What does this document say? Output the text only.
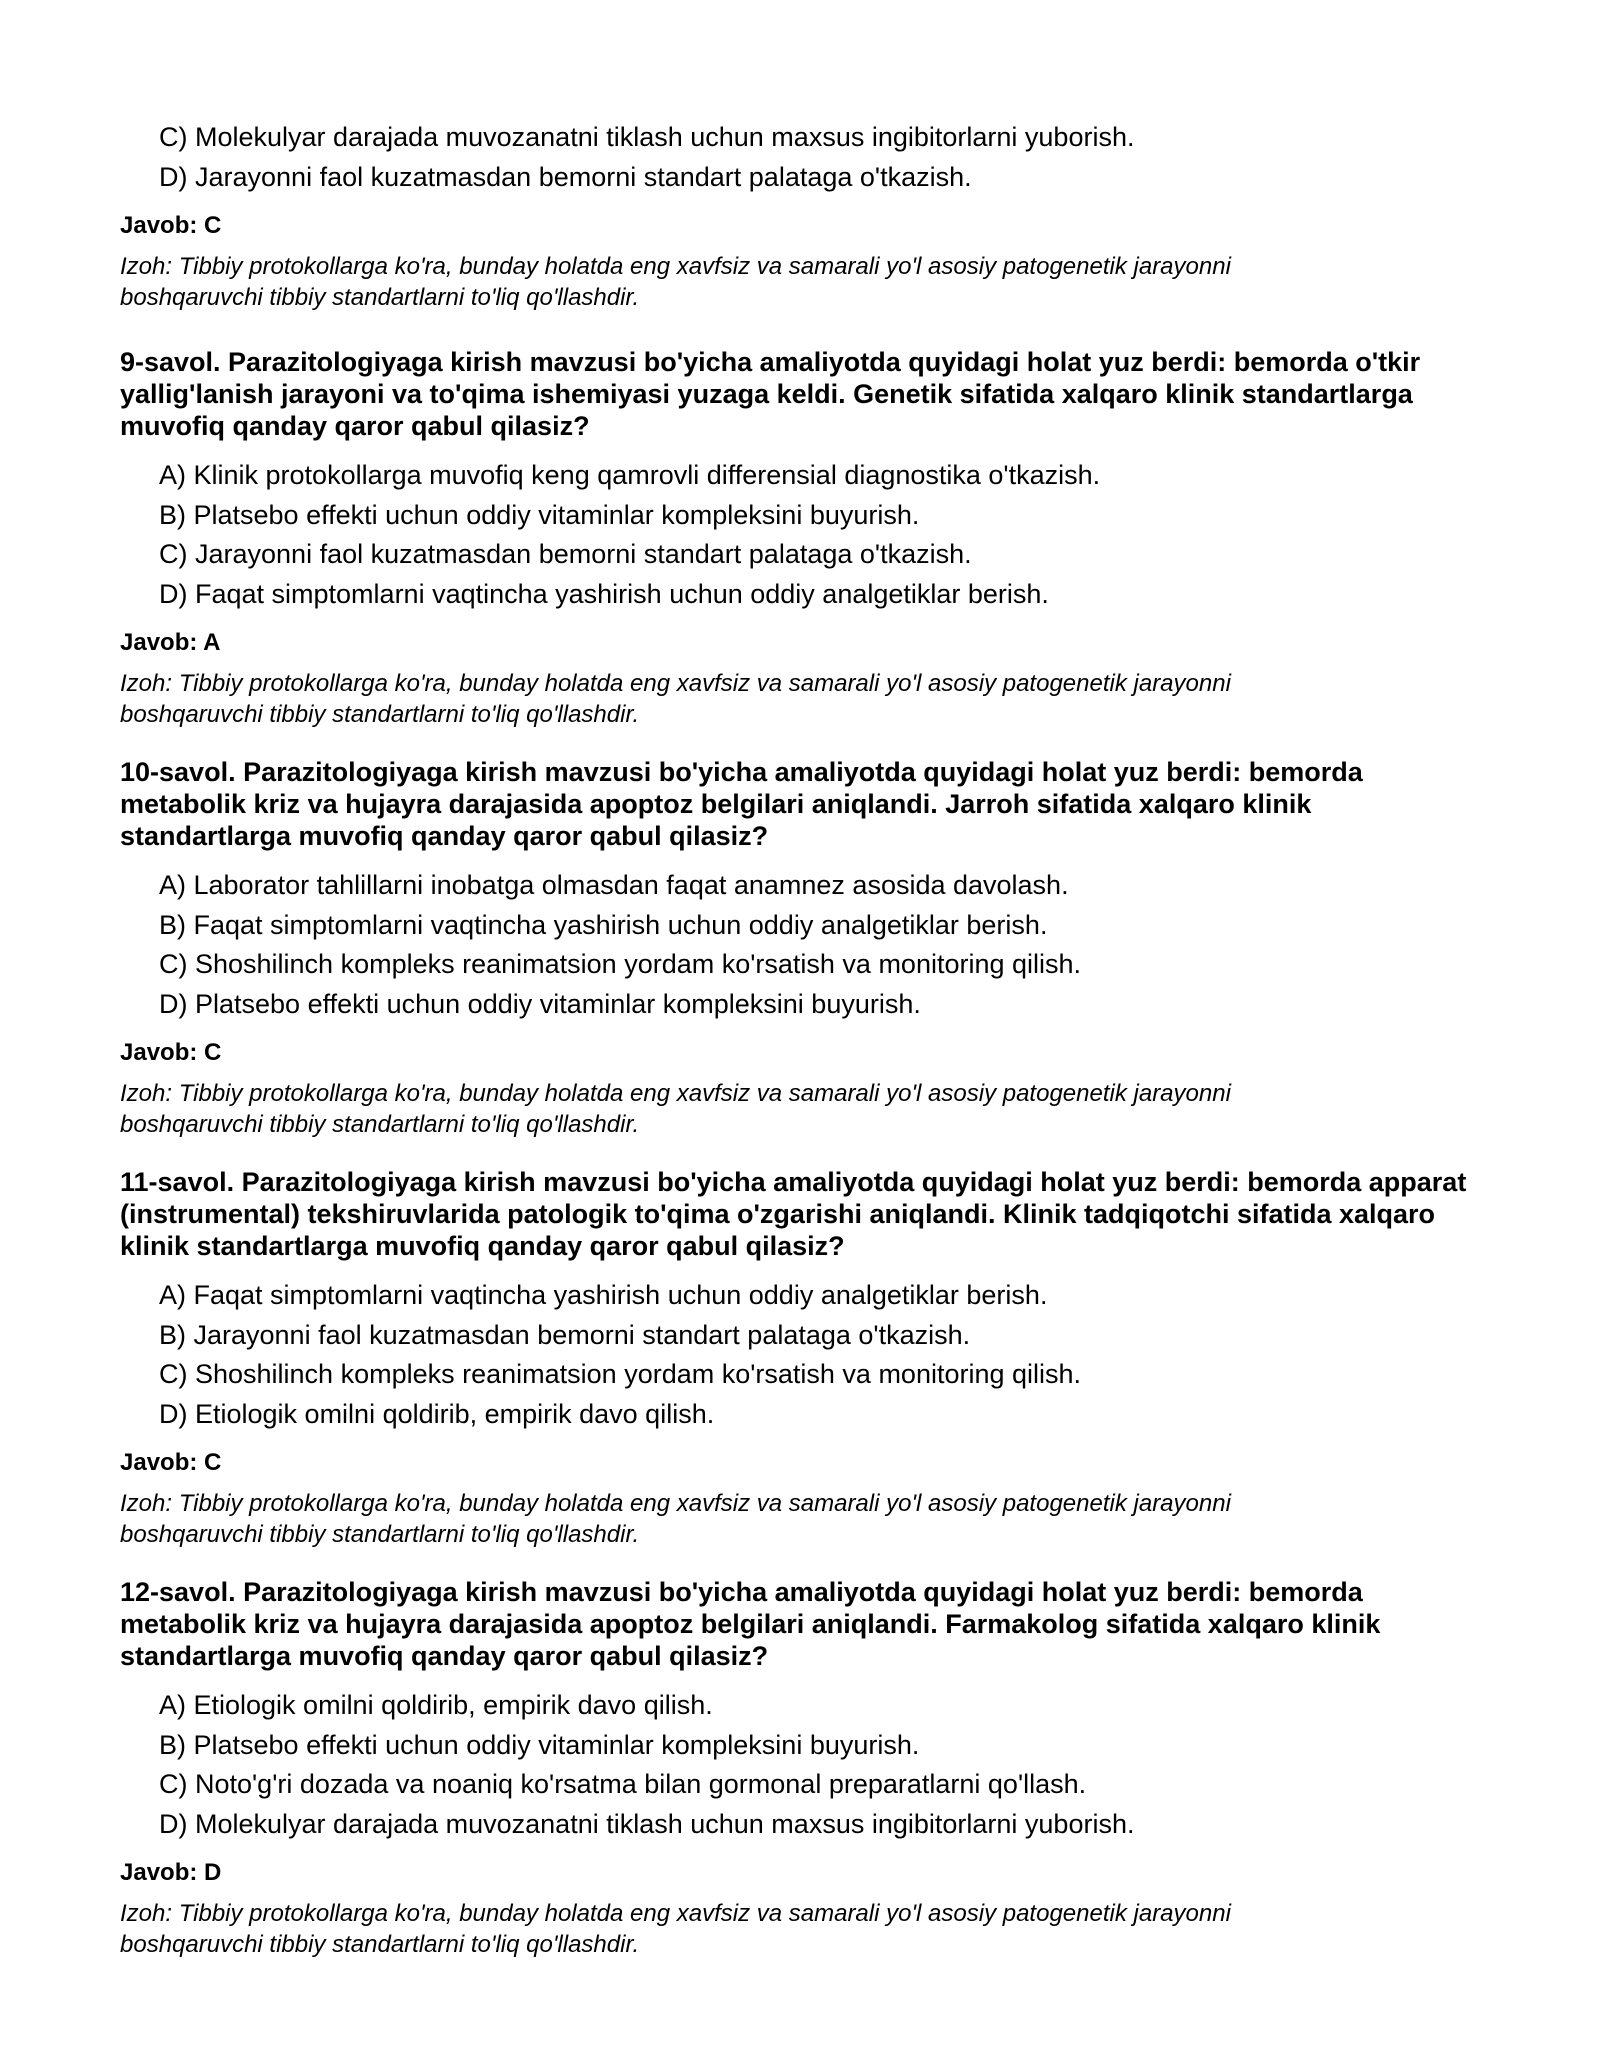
C) Molekulyar darajada muvozanatni tiklash uchun maxsus ingibitorlarni yuborish.
D) Jarayonni faol kuzatmasdan bemorni standart palataga o'tkazish.
Javob: C
Izoh: Tibbiy protokollarga ko'ra, bunday holatda eng xavfsiz va samarali yo'l asosiy patogenetik jarayonni boshqaruvchi tibbiy standartlarni to'liq qo'llashdir.
9-savol. Parazitologiyaga kirish mavzusi bo'yicha amaliyotda quyidagi holat yuz berdi: bemorda o'tkir yallig'lanish jarayoni va to'qima ishemiyasi yuzaga keldi. Genetik sifatida xalqaro klinik standartlarga muvofiq qanday qaror qabul qilasiz?
A) Klinik protokollarga muvofiq keng qamrovli differensial diagnostika o'tkazish.
B) Platsebo effekti uchun oddiy vitaminlar kompleksini buyurish.
C) Jarayonni faol kuzatmasdan bemorni standart palataga o'tkazish.
D) Faqat simptomlarni vaqtincha yashirish uchun oddiy analgetiklar berish.
Javob: A
Izoh: Tibbiy protokollarga ko'ra, bunday holatda eng xavfsiz va samarali yo'l asosiy patogenetik jarayonni boshqaruvchi tibbiy standartlarni to'liq qo'llashdir.
10-savol. Parazitologiyaga kirish mavzusi bo'yicha amaliyotda quyidagi holat yuz berdi: bemorda metabolik kriz va hujayra darajasida apoptoz belgilari aniqlandi. Jarroh sifatida xalqaro klinik standartlarga muvofiq qanday qaror qabul qilasiz?
A) Laborator tahlillarni inobatga olmasdan faqat anamnez asosida davolash.
B) Faqat simptomlarni vaqtincha yashirish uchun oddiy analgetiklar berish.
C) Shoshilinch kompleks reanimatsion yordam ko'rsatish va monitoring qilish.
D) Platsebo effekti uchun oddiy vitaminlar kompleksini buyurish.
Javob: C
Izoh: Tibbiy protokollarga ko'ra, bunday holatda eng xavfsiz va samarali yo'l asosiy patogenetik jarayonni boshqaruvchi tibbiy standartlarni to'liq qo'llashdir.
11-savol. Parazitologiyaga kirish mavzusi bo'yicha amaliyotda quyidagi holat yuz berdi: bemorda apparat (instrumental) tekshiruvlarida patologik to'qima o'zgarishi aniqlandi. Klinik tadqiqotchi sifatida xalqaro klinik standartlarga muvofiq qanday qaror qabul qilasiz?
A) Faqat simptomlarni vaqtincha yashirish uchun oddiy analgetiklar berish.
B) Jarayonni faol kuzatmasdan bemorni standart palataga o'tkazish.
C) Shoshilinch kompleks reanimatsion yordam ko'rsatish va monitoring qilish.
D) Etiologik omilni qoldirib, empirik davo qilish.
Javob: C
Izoh: Tibbiy protokollarga ko'ra, bunday holatda eng xavfsiz va samarali yo'l asosiy patogenetik jarayonni boshqaruvchi tibbiy standartlarni to'liq qo'llashdir.
12-savol. Parazitologiyaga kirish mavzusi bo'yicha amaliyotda quyidagi holat yuz berdi: bemorda metabolik kriz va hujayra darajasida apoptoz belgilari aniqlandi. Farmakolog sifatida xalqaro klinik standartlarga muvofiq qanday qaror qabul qilasiz?
A) Etiologik omilni qoldirib, empirik davo qilish.
B) Platsebo effekti uchun oddiy vitaminlar kompleksini buyurish.
C) Noto'g'ri dozada va noaniq ko'rsatma bilan gormonal preparatlarni qo'llash.
D) Molekulyar darajada muvozanatni tiklash uchun maxsus ingibitorlarni yuborish.
Javob: D
Izoh: Tibbiy protokollarga ko'ra, bunday holatda eng xavfsiz va samarali yo'l asosiy patogenetik jarayonni boshqaruvchi tibbiy standartlarni to'liq qo'llashdir.
